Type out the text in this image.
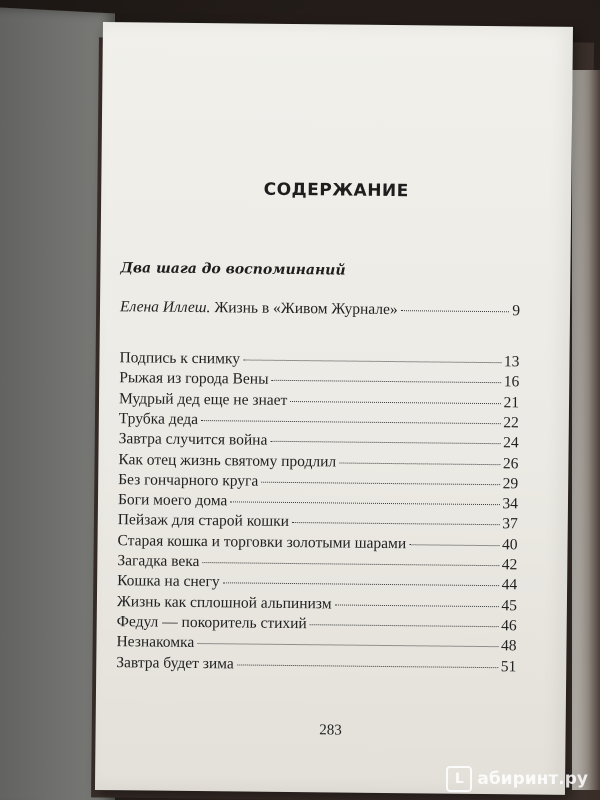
СОДЕРЖАНИЕ
Два шага до воспоминаний
Елена Иллеш. Жизнь в «Живом Журнале»	9
Подпись к снимку	13
Рыжая из города Вены	16
Мудрый дед еще не знает	21
Трубка деда	22
Завтра случится война	24
Как отец жизнь святому продлил	26
Без гончарного круга	29
Боги моего дома	34
Пейзаж для старой кошки	37
Старая кошка и торговки золотыми шарами	40
Загадка века	42
Кошка на снегу	44
Жизнь как сплошной альпинизм	45
Федул — покоритель стихий	46
Незнакомка	48
Завтра будет зима	51
283
L абиринт.ру
